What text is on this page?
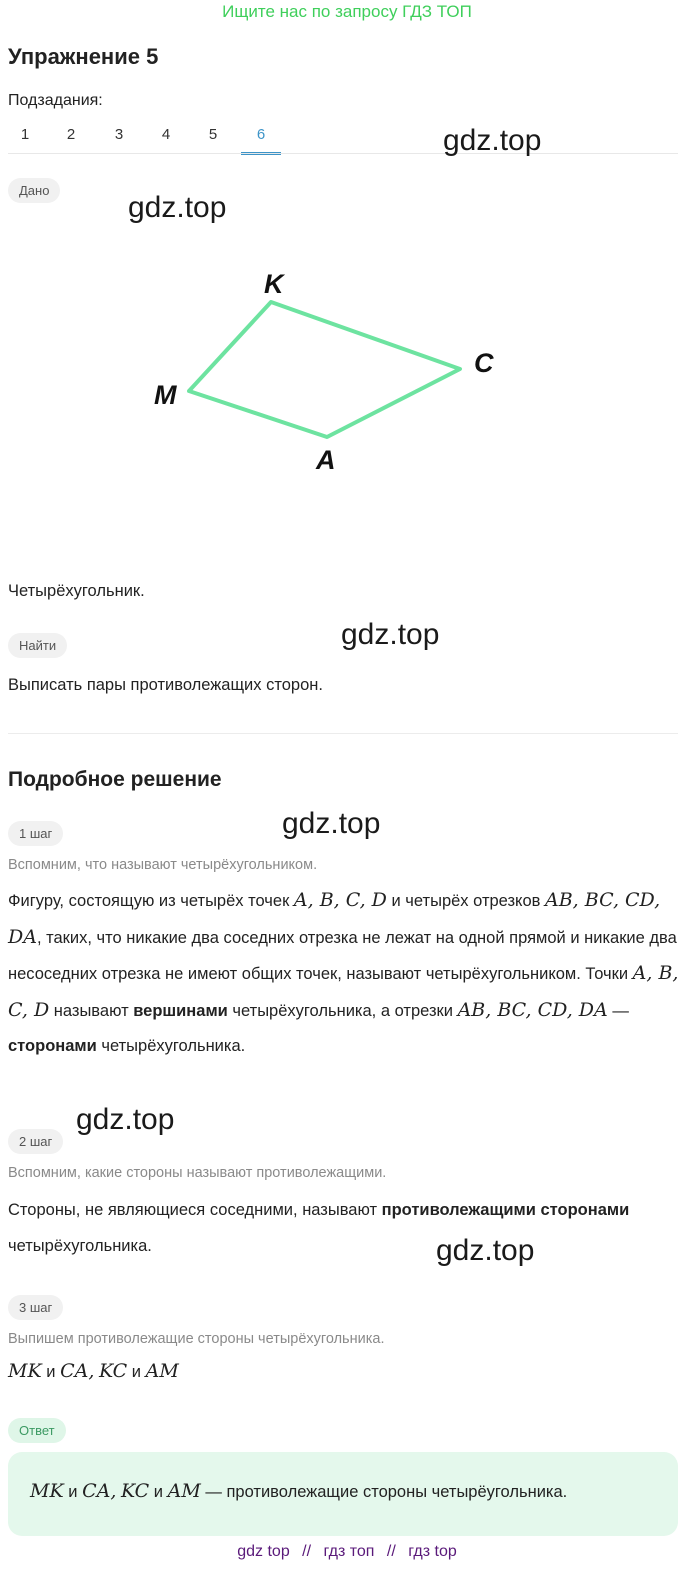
Ищите нас по запросу ГДЗ ТОП
Упражнение 5
Подзадания:
1	2	3	4	5	6	gdz.top
gdz.top
gdz.top
gdz.top
gdz.top
gdz.top
Дано
K
C
A
M
Четырёхугольник.
Найти
Выписать пары противолежащих сторон.
Подробное решение
1 шаг
Вспомним, что называют четырёхугольником.
Фигуру, состоящую из четырёх точек A, B, C, D и четырёх отрезков AB, BC, CD, DA, таких, что никакие два соседних отрезка не лежат на одной прямой и никакие два несоседних отрезка не имеют общих точек, называют четырёхугольником. Точки A, B, C, D называют вершинами четырёхугольника, а отрезки AB, BC, CD, DA — сторонами четырёхугольника.
2 шаг
Вспомним, какие стороны называют противолежащими.
Стороны, не являющиеся соседними, называют противолежащими сторонами четырёхугольника.
3 шаг
Выпишем противолежащие стороны четырёхугольника.
MK и CA, KC и AM
Ответ
MK и CA, KC и AM — противолежащие стороны четырёугольника.
gdz top // гдз топ // гдз top
